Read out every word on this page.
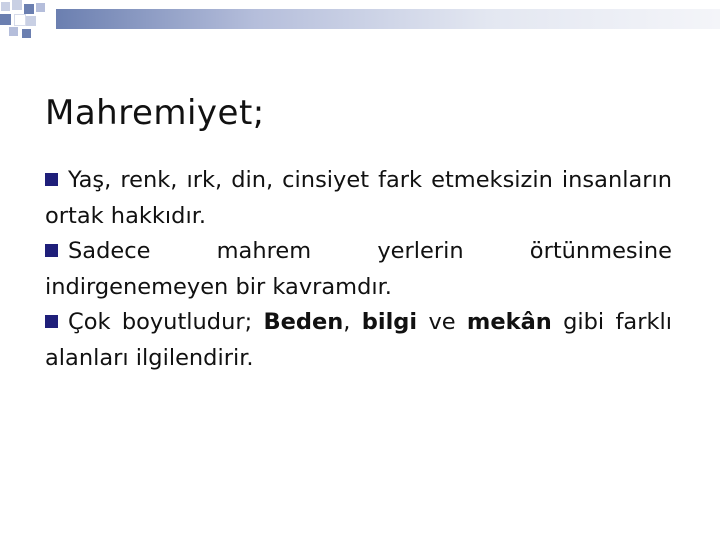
Mahremiyet;

Yaş, renk, ırk, din, cinsiyet fark etmeksizin insanların ortak hakkıdır.

Sadece mahrem yerlerin örtünmesine indirgenemeyen bir kavramdır.

Çok boyutludur; Beden, bilgi ve mekân gibi farklı alanları ilgilendirir.
